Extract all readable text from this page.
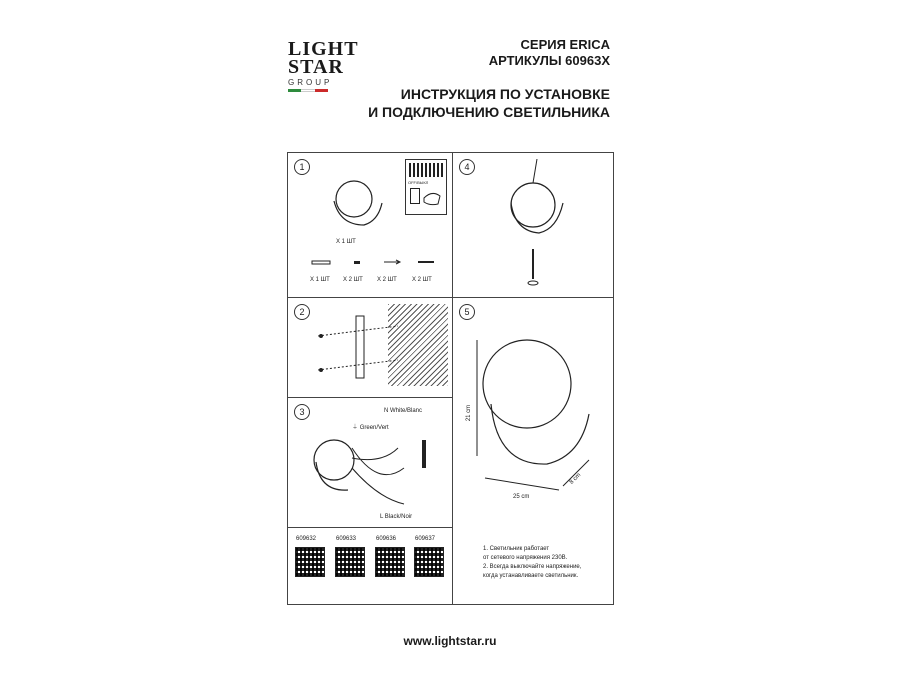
LIGHT
STAR
GROUP
СЕРИЯ ERICA
АРТИКУЛЫ 60963X
ИНСТРУКЦИЯ ПО УСТАНОВКЕ
И ПОДКЛЮЧЕНИЮ СВЕТИЛЬНИКА
1
X 1 ШТ
X 1 ШТ X 2 ШТ X 2 ШТ	X 2 ШТ
OFF/ВЫКЛ
4
2	5
21 cm
25 cm
8 cm
1. Светильник работает
от сетевого напряжения 230В.
2. Всегда выключайте напряжение,
когда устанавливаете светильник.
3	N White/Blanc
⏚ Green/Vert
L Black/Noir
609632	609633	609636	609637
www.lightstar.ru
